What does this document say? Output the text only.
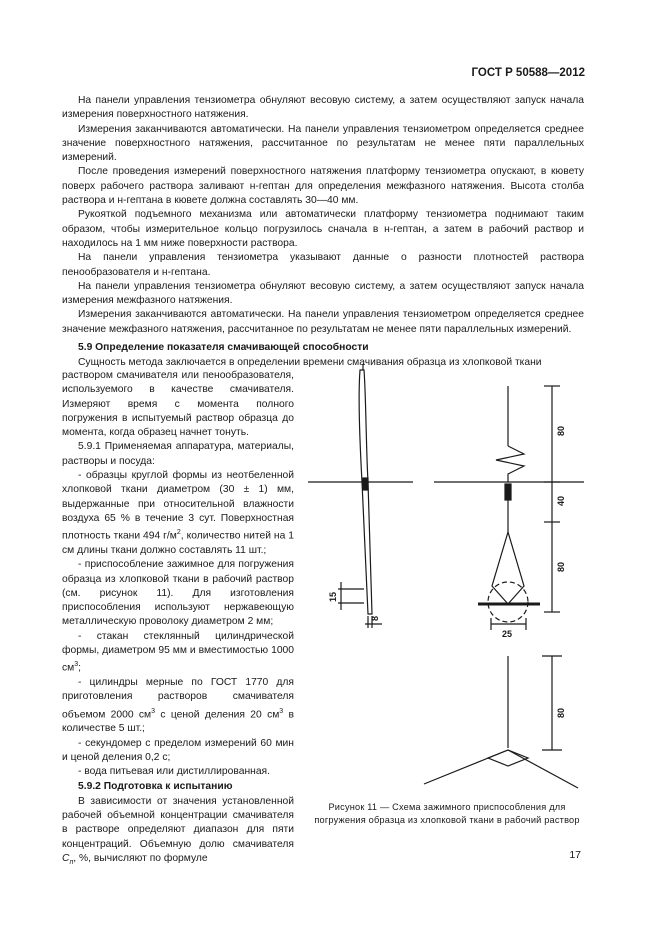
ГОСТ Р 50588—2012

На панели управления тензиометра обнуляют весовую систему, а затем осуществляют запуск начала измерения поверхностного натяжения.

Измерения заканчиваются автоматически. На панели управления тензиометром определяется среднее значение поверхностного натяжения, рассчитанное по результатам не менее пяти параллельных измерений.

После проведения измерений поверхностного натяжения платформу тензиометра опускают, в кювету поверх рабочего раствора заливают н-гептан для определения межфазного натяжения. Высота столба раствора и н-гептана в кювете должна составлять 30—40 мм.

Рукояткой подъемного механизма или автоматически платформу тензиометра поднимают таким образом, чтобы измерительное кольцо погрузилось сначала в н-гептан, а затем в рабочий раствор и находилось на 1 мм ниже поверхности раствора.

На панели управления тензиометра указывают данные о разности плотностей раствора пенообразователя и н-гептана.

На панели управления тензиометра обнуляют весовую систему, а затем осуществляют запуск начала измерения межфазного натяжения.

Измерения заканчиваются автоматически. На панели управления тензиометром определяется среднее значение межфазного натяжения, рассчитанное по результатам не менее пяти параллельных измерений.

5.9 Определение показателя смачивающей способности

Сущность метода заключается в определении времени смачивания образца из хлопковой ткани

раствором смачивателя или пенообразователя, используемого в качестве смачивателя. Измеряют время с момента полного погружения в испытуемый раствор образца до момента, когда образец начнет тонуть.

5.9.1 Применяемая аппаратура, материалы, растворы и посуда:

- образцы круглой формы из неотбеленной хлопковой ткани диаметром (30 ± 1) мм, выдержанные при относительной влажности воздуха 65 % в течение 3 сут. Поверхностная плотность ткани 494 $г/м^2$, количество нитей на 1 см длины ткани должно составлять 11 шт.;

- приспособление зажимное для погружения образца из хлопковой ткани в рабочий раствор (см. рисунок 11). Для изготовления приспособления используют нержавеющую металлическую проволоку диаметром 2 мм;

- стакан стеклянный цилиндрической формы, диаметром 95 мм и вместимостью 1000 $см^3$;

- цилиндры мерные по ГОСТ 1770 для приготовления растворов смачивателя объемом 2000 $см^3$ с ценой деления 20 $см^3$ в количестве 5 шт.;

- секундомер с пределом измерений 60 мин и ценой деления 0,2 с;

- вода питьевая или дистиллированная.

5.9.2 Подготовка к испытанию

В зависимости от значения установленной рабочей объемной концентрации смачивателя в растворе определяют диапазон для пяти концентраций. Объемную долю смачивателя $C_п$, %, вычисляют по формуле

80
40
80
15
8
25
80
Рисунок 11 — Схема зажимного приспособления для погружения образца из хлопковой ткани в рабочий раствор
17
